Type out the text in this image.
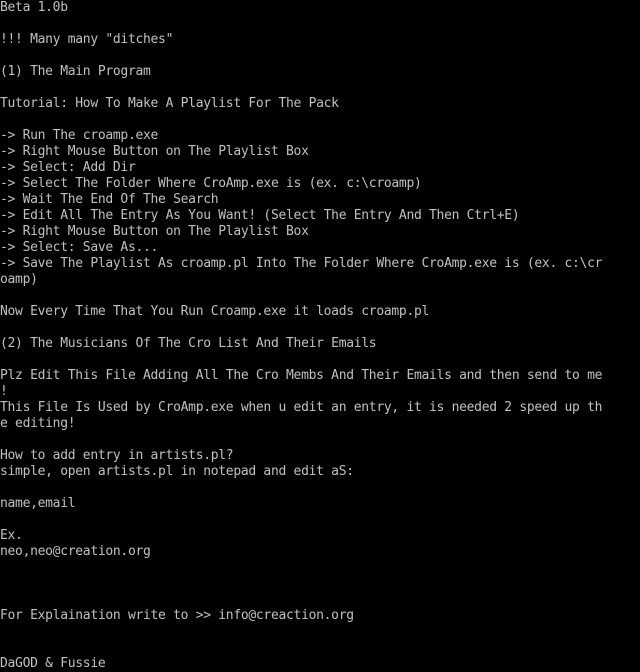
Beta 1.0b
!!! Many many "ditches"
(1) The Main Program
Tutorial: How To Make A Playlist For The Pack
-> Run The croamp.exe
-> Right Mouse Button on The Playlist Box
-> Select: Add Dir
-> Select The Folder Where CroAmp.exe is (ex. c:\croamp)
-> Wait The End Of The Search
-> Edit All The Entry As You Want! (Select The Entry And Then Ctrl+E)
-> Right Mouse Button on The Playlist Box
-> Select: Save As...
-> Save The Playlist As croamp.pl Into The Folder Where CroAmp.exe is (ex. c:\cr
oamp)
Now Every Time That You Run Croamp.exe it loads croamp.pl
(2) The Musicians Of The Cro List And Their Emails
Plz Edit This File Adding All The Cro Membs And Their Emails and then send to me
!
This File Is Used by CroAmp.exe when u edit an entry, it is needed 2 speed up th
e editing!
How to add entry in artists.pl?
simple, open artists.pl in notepad and edit aS:
name,email
Ex.
neo,neo@creation.org
For Explaination write to >> info@creaction.org
DaGOD & Fussie
